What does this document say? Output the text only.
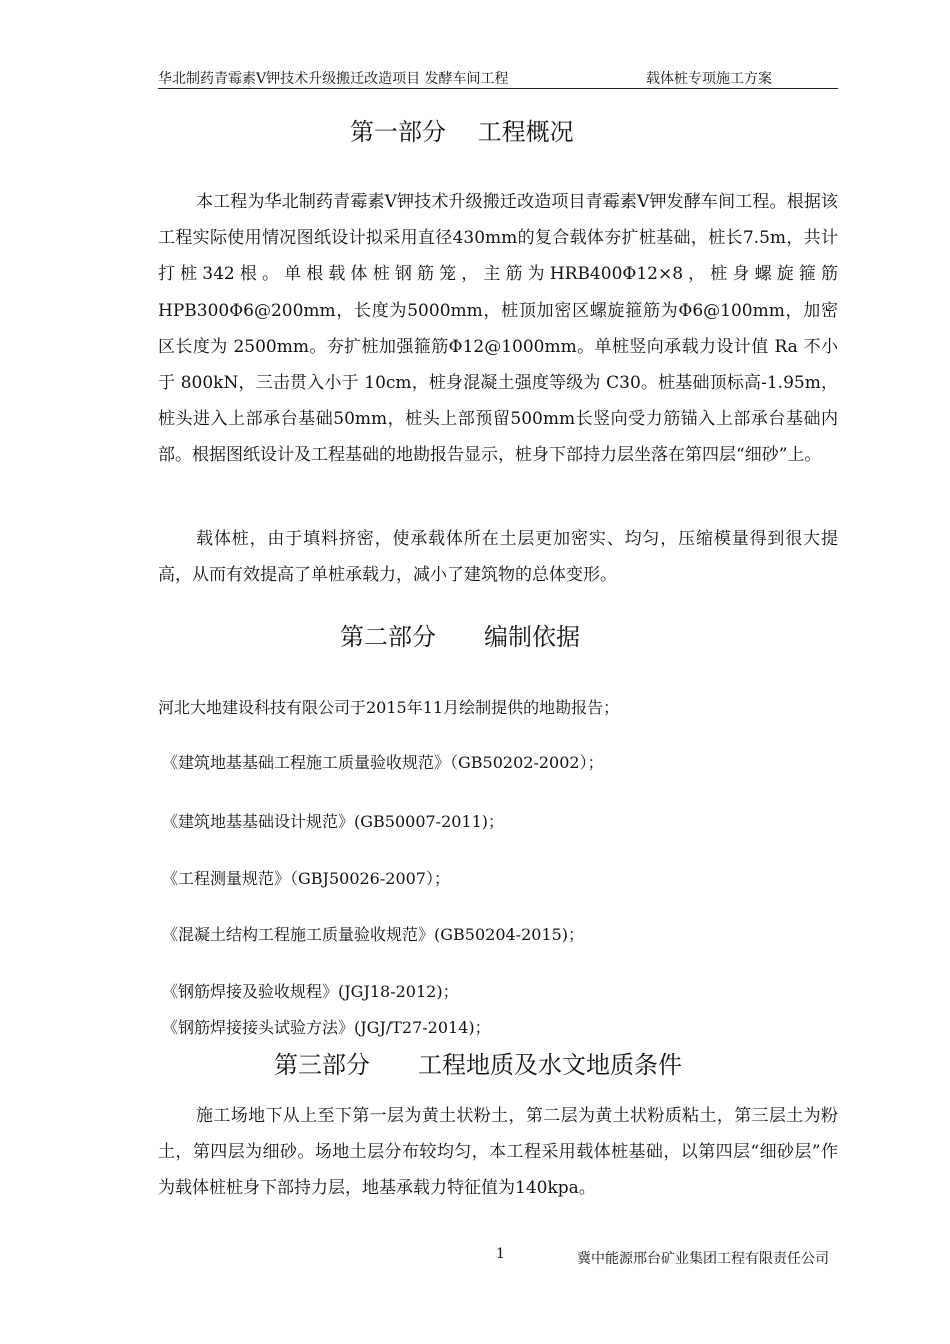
华北制药青霉素Ⅴ钾技术升级搬迁改造项目 发酵车间工程	载体桩专项施工方案
第一部分　 工程概况
本工程为华北制药青霉素Ⅴ钾技术升级搬迁改造项目青霉素Ⅴ钾发酵车间工程。根据该工程实际使用情况图纸设计拟采用直径430mm的复合载体夯扩桩基础，桩长7.5m，共计打桩342根。单根载体桩钢筋笼，主筋为HRB400Φ12×8，桩身螺旋箍筋HPB300Φ6@200mm，长度为5000mm，桩顶加密区螺旋箍筋为Φ6@100mm，加密区长度为 2500mm。夯扩桩加强箍筋Φ12@1000mm。单桩竖向承载力设计值 Ra 不小于 800kN，三击贯入小于 10cm，桩身混凝土强度等级为 C30。桩基础顶标高-1.95m，桩头进入上部承台基础50mm，桩头上部预留500mm长竖向受力筋锚入上部承台基础内部。根据图纸设计及工程基础的地勘报告显示，桩身下部持力层坐落在第四层“细砂”上。
载体桩，由于填料挤密，使承载体所在土层更加密实、均匀，压缩模量得到很大提高，从而有效提高了单桩承载力，减小了建筑物的总体变形。
第二部分　　编制依据
河北大地建设科技有限公司于2015年11月绘制提供的地勘报告；
《建筑地基基础工程施工质量验收规范》（GB50202-2002）；
《建筑地基基础设计规范》(GB50007-2011)；
《工程测量规范》（GBJ50026-2007）；
《混凝土结构工程施工质量验收规范》(GB50204-2015)；
《钢筋焊接及验收规程》(JGJ18-2012)；
《钢筋焊接接头试验方法》(JGJ/T27-2014)；
第三部分　　工程地质及水文地质条件
施工场地下从上至下第一层为黄土状粉土，第二层为黄土状粉质粘土，第三层土为粉土，第四层为细砂。场地土层分布较均匀，本工程采用载体桩基础，以第四层“细砂层”作为载体桩桩身下部持力层，地基承载力特征值为140kpa。
1	冀中能源邢台矿业集团工程有限责任公司
